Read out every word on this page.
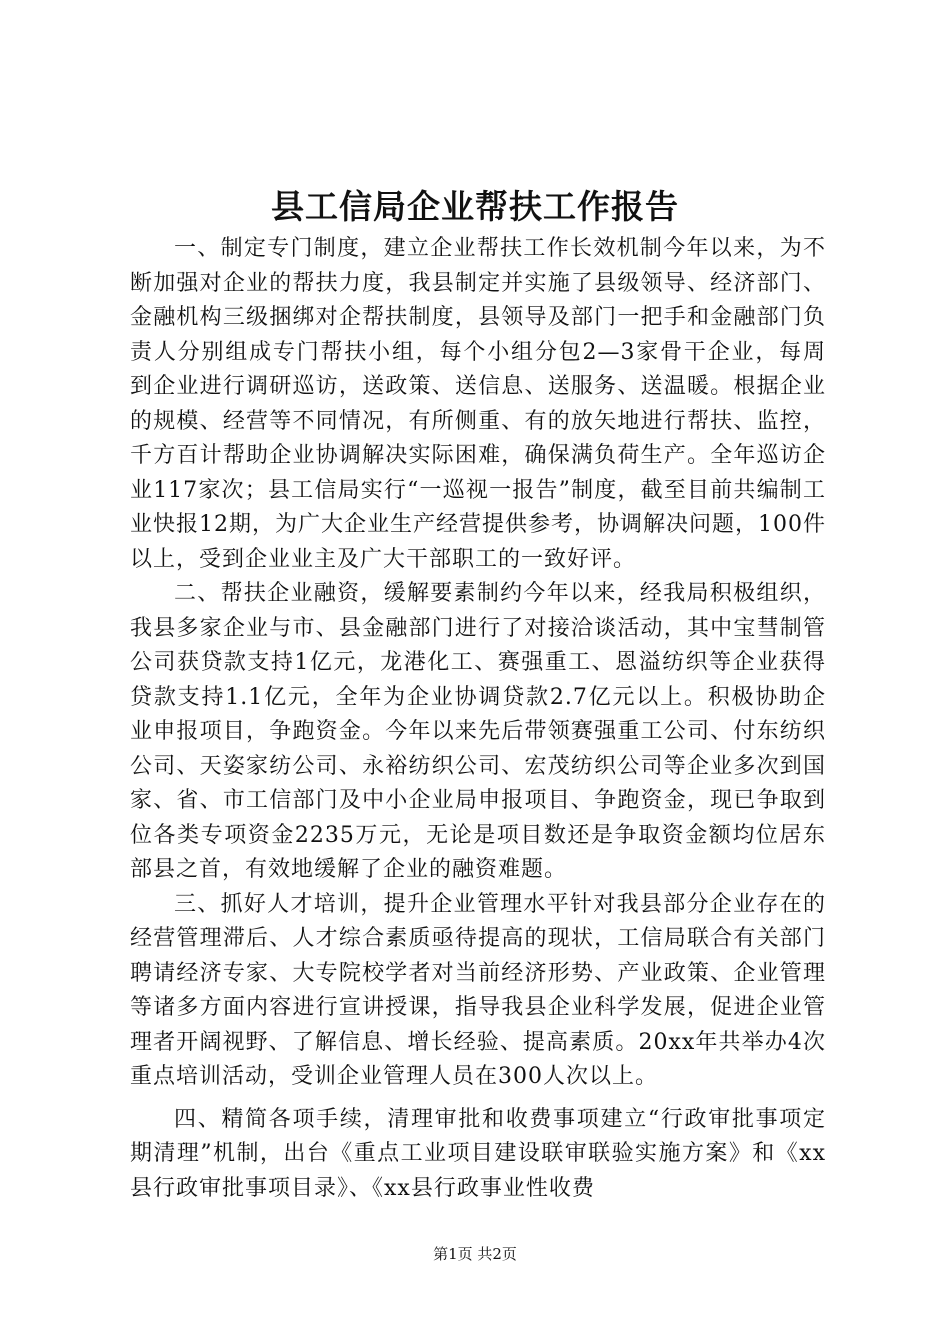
县工信局企业帮扶工作报告

一、制定专门制度，建立企业帮扶工作长效机制今年以来，为不断加强对企业的帮扶力度，我县制定并实施了县级领导、经济部门、金融机构三级捆绑对企帮扶制度，县领导及部门一把手和金融部门负责人分别组成专门帮扶小组，每个小组分包2—3家骨干企业，每周到企业进行调研巡访，送政策、送信息、送服务、送温暖。根据企业的规模、经营等不同情况，有所侧重、有的放矢地进行帮扶、监控，千方百计帮助企业协调解决实际困难，确保满负荷生产。全年巡访企业117家次；县工信局实行“一巡视一报告”制度，截至目前共编制工业快报12期，为广大企业生产经营提供参考，协调解决问题，100件以上，受到企业业主及广大干部职工的一致好评。

二、帮扶企业融资，缓解要素制约今年以来，经我局积极组织，我县多家企业与市、县金融部门进行了对接洽谈活动，其中宝彗制管公司获贷款支持1亿元，龙港化工、赛强重工、恩溢纺织等企业获得贷款支持1.1亿元，全年为企业协调贷款2.7亿元以上。积极协助企业申报项目，争跑资金。今年以来先后带领赛强重工公司、付东纺织公司、天姿家纺公司、永裕纺织公司、宏茂纺织公司等企业多次到国家、省、市工信部门及中小企业局申报项目、争跑资金，现已争取到位各类专项资金2235万元，无论是项目数还是争取资金额均位居东部县之首，有效地缓解了企业的融资难题。

三、抓好人才培训，提升企业管理水平针对我县部分企业存在的经营管理滞后、人才综合素质亟待提高的现状，工信局联合有关部门聘请经济专家、大专院校学者对当前经济形势、产业政策、企业管理等诸多方面内容进行宣讲授课，指导我县企业科学发展，促进企业管理者开阔视野、了解信息、增长经验、提高素质。20xx年共举办4次重点培训活动，受训企业管理人员在300人次以上。

四、精简各项手续，清理审批和收费事项建立“行政审批事项定期清理”机制，出台《重点工业项目建设联审联验实施方案》和《xx县行政审批事项目录》、《xx县行政事业性收费

第1页 共2页
